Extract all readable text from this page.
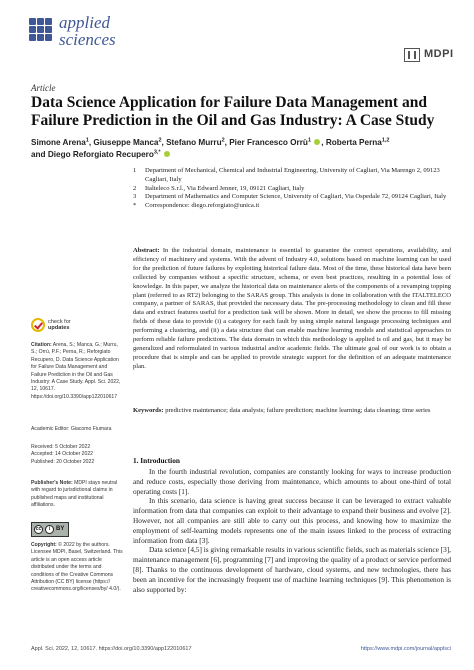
applied
sciences
MDPI
Article
Data Science Application for Failure Data Management and Failure Prediction in the Oil and Gas Industry: A Case Study
Simone Arena$^1$, Giuseppe Manca$^2$, Stefano Murru$^2$, Pier Francesco Orrù$^1$ , Roberta Perna$^{1,2}$
and Diego Reforgiato Recupero$^{3,*}$
1 Department of Mechanical, Chemical and Industrial Engineering, University of Cagliari, Via Marengo 2, 09123 Cagliari, Italy
2 Italteleco S.r.l., Via Edward Jenner, 19, 09121 Cagliari, Italy
3 Department of Mathematics and Computer Science, University of Cagliari, Via Ospedale 72, 09124 Cagliari, Italy
* Correspondence: diego.reforgiato@unica.it
Abstract: In the industrial domain, maintenance is essential to guarantee the correct operations, availability, and efficiency of machinery and systems. With the advent of Industry 4.0, solutions based on machine learning can be used for the prediction of future failures by exploiting historical failure data. Most of the time, these historical data have been collected by companies without a specific structure, schema, or even best practices, resulting in a potential loss of knowledge. In this paper, we analyze the historical data on maintenance alerts of the components of a revamping topping plant (referred to as RT2) belonging to the SARAS group. This analysis is done in collaboration with the ITALTELECO company, a partner of SARAS, that provided the necessary data. The pre-processing methodology to clean and fill these data and extract features useful for a prediction task will be shown. More in detail, we show the process to fill missing fields of these data to provide (i) a category for each fault by using simple natural language processing techniques and performing a clustering, and (ii) a data structure that can enable machine learning models and statistical approaches to perform reliable failure predictions. The data domain in which this methodology is applied is oil and gas, but it may be generalized and reformulated in various industrial and/or academic fields. The ultimate goal of our work is to obtain a procedure that is simple and can be applied to provide strategic support for the definition of an adequate maintenance plan.
Keywords: predictive maintenance; data analysis; failure prediction; machine learning; data cleaning; time series
check for
updates
Citation: Arena, S.; Manca, G.; Murru, S.; Orrù, P.F.; Perna, R.; Reforgiato Recupero, D. Data Science Application for Failure Data Management and Failure Prediction in the Oil and Gas Industry: A Case Study. Appl. Sci. 2022, 12, 10617. https://doi.org/10.3390/app122010617
Academic Editor: Giacomo Fiumara
Received: 5 October 2022
Accepted: 14 October 2022
Published: 20 October 2022
Publisher's Note: MDPI stays neutral with regard to jurisdictional claims in published maps and institutional affiliations.
cc	i BY
Copyright: © 2022 by the authors. Licensee MDPI, Basel, Switzerland. This article is an open access article distributed under the terms and conditions of the Creative Commons Attribution (CC BY) license (https:// creativecommons.org/licenses/by/ 4.0/).
1. Introduction

In the fourth industrial revolution, companies are constantly looking for ways to increase production and reduce costs, especially those deriving from maintenance, which amounts to about one-third of total operating costs [1].

In this scenario, data science is having great success because it can be leveraged to extract valuable information from data that companies can exploit to their advantage to expand their business and evolve [2]. However, not all companies are still able to carry out this process, and knowing how to maximize the employment of self-learning models represents one of the main issues linked to the process of extracting information from data [3].

Data science [4,5] is giving remarkable results in various scientific fields, such as materials science [3], maintenance management [6], programming [7] and improving the quality of a product or service performed [8]. Thanks to the continuous development of hardware, cloud systems, and new technologies, there has been an incentive for the increasingly frequent use of machine learning techniques [9]. This phenomenon is also supported by:

Appl. Sci. 2022, 12, 10617. https://doi.org/10.3390/app122010617	https://www.mdpi.com/journal/applsci
